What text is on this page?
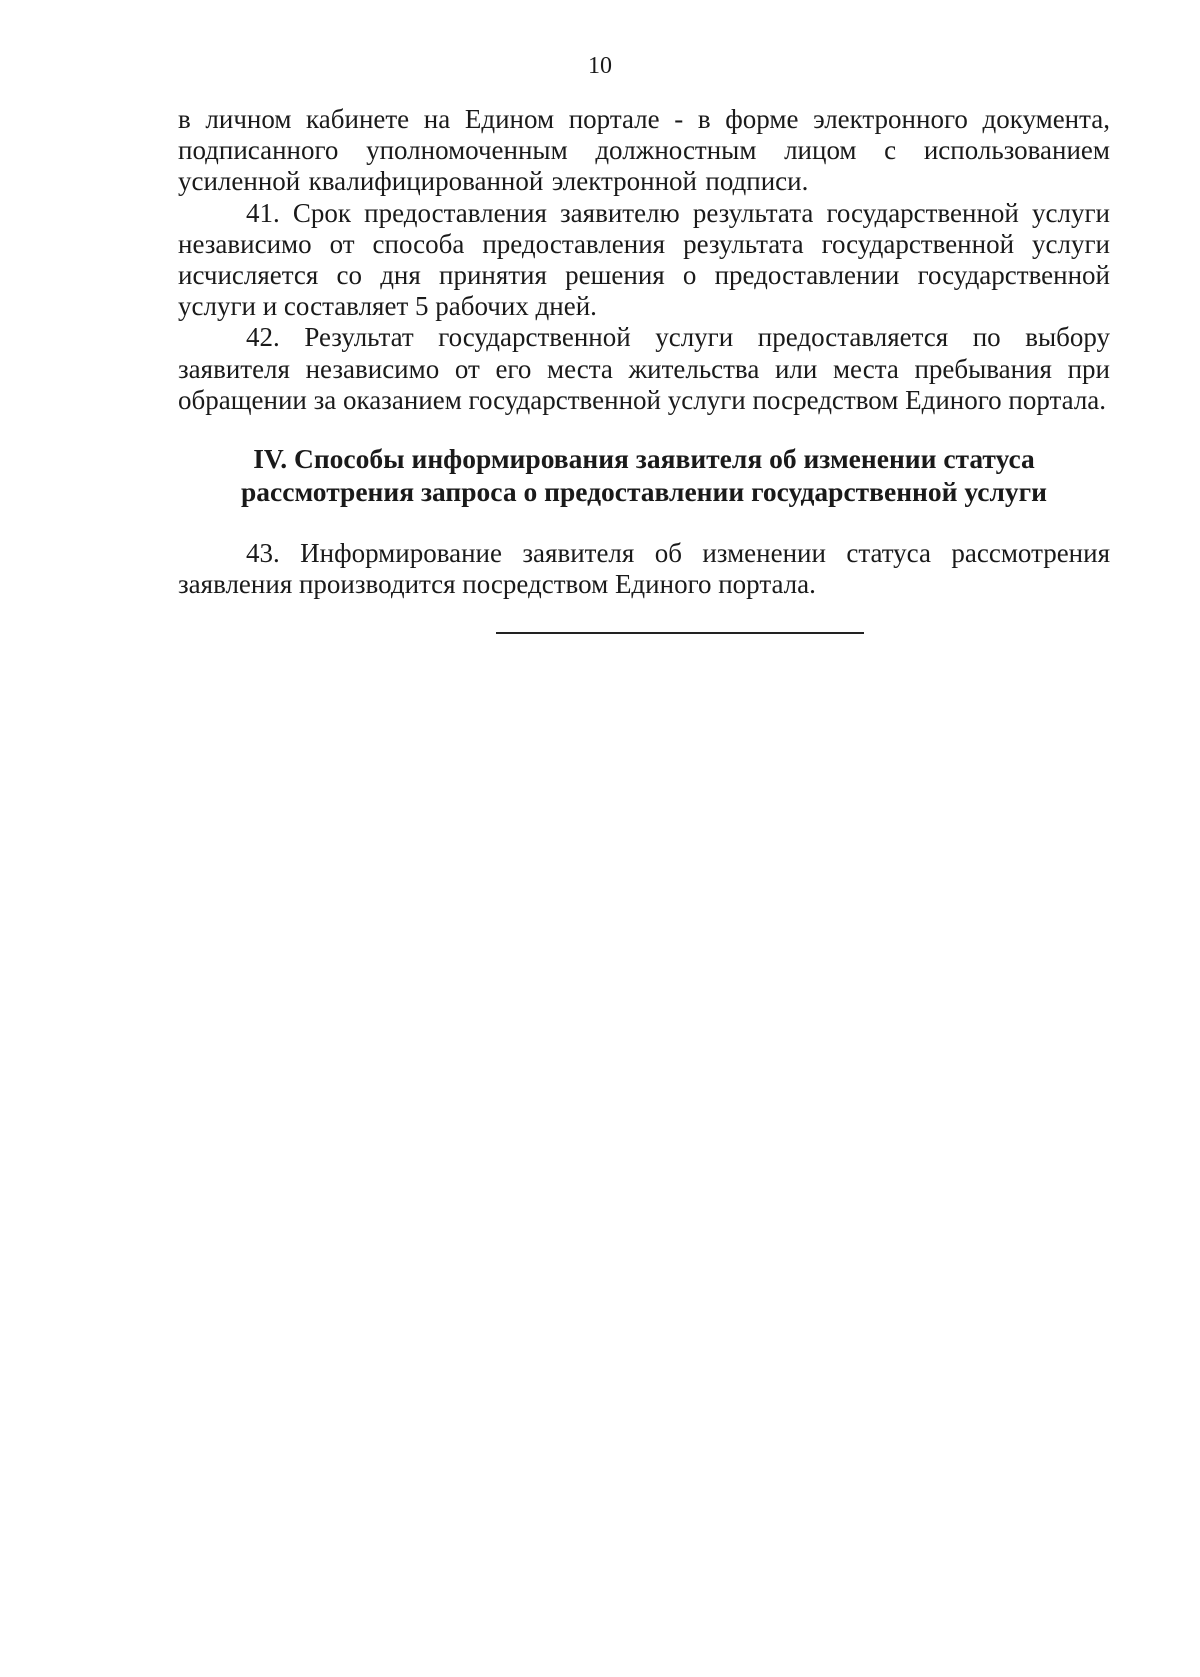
10

в личном кабинете на Едином портале - в форме электронного документа, подписанного уполномоченным должностным лицом с использованием усиленной квалифицированной электронной подписи.

41. Срок предоставления заявителю результата государственной услуги независимо от способа предоставления результата государственной услуги исчисляется со дня принятия решения о предоставлении государственной услуги и составляет 5 рабочих дней.

42. Результат государственной услуги предоставляется по выбору заявителя независимо от его места жительства или места пребывания при обращении за оказанием государственной услуги посредством Единого портала.

IV. Способы информирования заявителя об изменении статуса
рассмотрения запроса о предоставлении государственной услуги

43. Информирование заявителя об изменении статуса рассмотрения заявления производится посредством Единого портала.
